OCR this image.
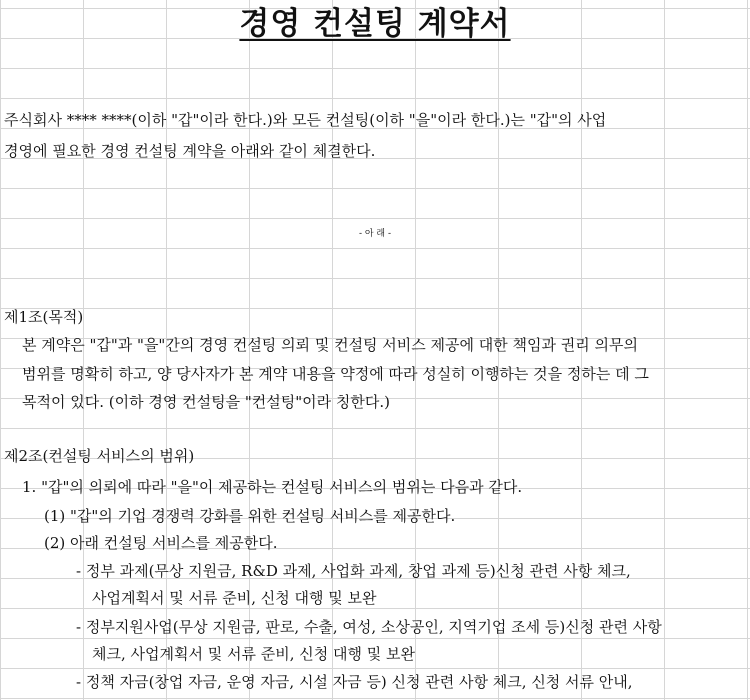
경영 컨설팅 계약서
주식회사 **** ****(이하 "갑"이라 한다.)와 모든 컨설팅(이하 "을"이라 한다.)는 "갑"의 사업
경영에 필요한 경영 컨설팅 계약을 아래와 같이 체결한다.
- 아 래 -
제1조(목적)
본 계약은 "갑"과 "을"간의 경영 컨설팅 의뢰 및 컨설팅 서비스 제공에 대한 책임과 권리 의무의
범위를 명확히 하고, 양 당사자가 본 계약 내용을 약정에 따라 성실히 이행하는 것을 정하는 데 그
목적이 있다. (이하 경영 컨설팅을 "컨설팅"이라 칭한다.)
제2조(컨설팅 서비스의 범위)
1. "갑"의 의뢰에 따라 "을"이 제공하는 컨설팅 서비스의 범위는 다음과 같다.
(1) "갑"의 기업 경쟁력 강화를 위한 컨설팅 서비스를 제공한다.
(2) 아래 컨설팅 서비스를 제공한다.
- 정부 과제(무상 지원금, R&D 과제, 사업화 과제, 창업 과제 등)신청 관련 사항 체크,
사업계획서 및 서류 준비, 신청 대행 및 보완
- 정부지원사업(무상 지원금, 판로, 수출, 여성, 소상공인, 지역기업 조세 등)신청 관련 사항
체크, 사업계획서 및 서류 준비, 신청 대행 및 보완
- 정책 자금(창업 자금, 운영 자금, 시설 자금 등) 신청 관련 사항 체크, 신청 서류 안내,
